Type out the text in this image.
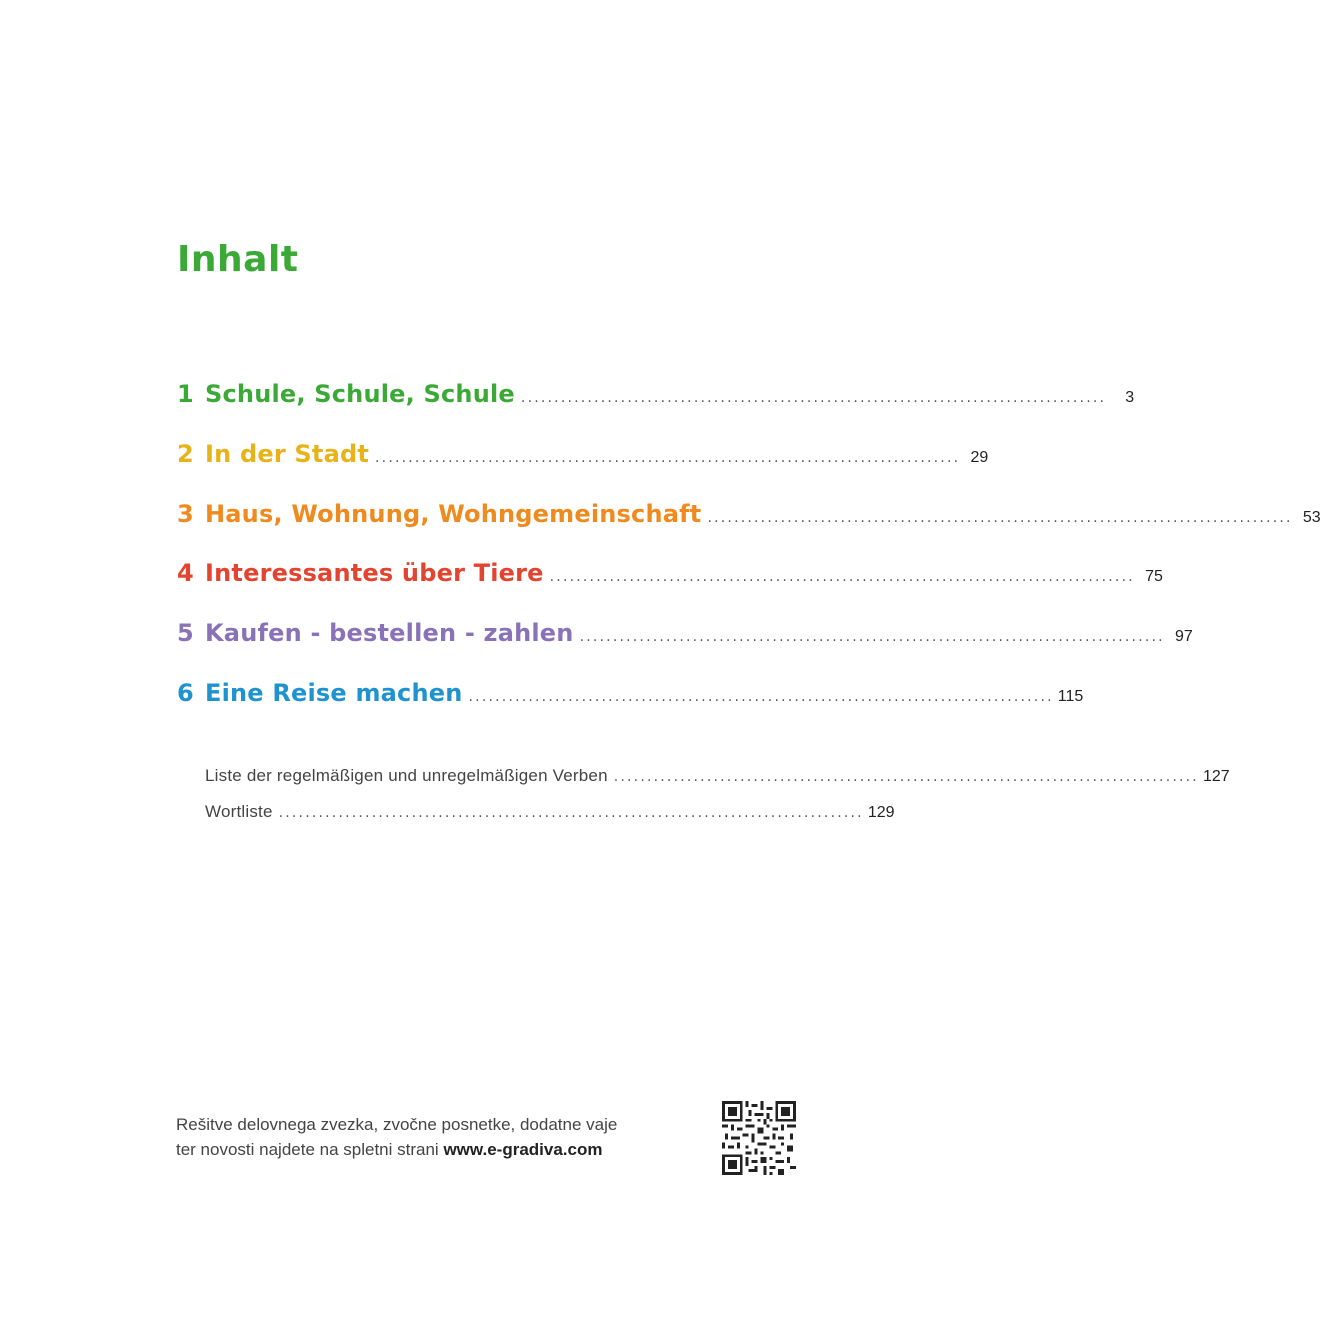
Inhalt
1 Schule, Schule, Schule ........................................................................................	3
2 In der Stadt ........................................................................................ 29
3 Haus, Wohnung, Wohngemeinschaft ........................................................................................ 53
4 Interessantes über Tiere ........................................................................................ 75
5 Kaufen - bestellen - zahlen ........................................................................................ 97
6 Eine Reise machen ........................................................................................ 115
Liste der regelmäßigen und unregelmäßigen Verben ........................................................................................ 127
Wortliste ........................................................................................ 129
Rešitve delovnega zvezka, zvočne posnetke, dodatne vaje
ter novosti najdete na spletni strani www.e-gradiva.com
